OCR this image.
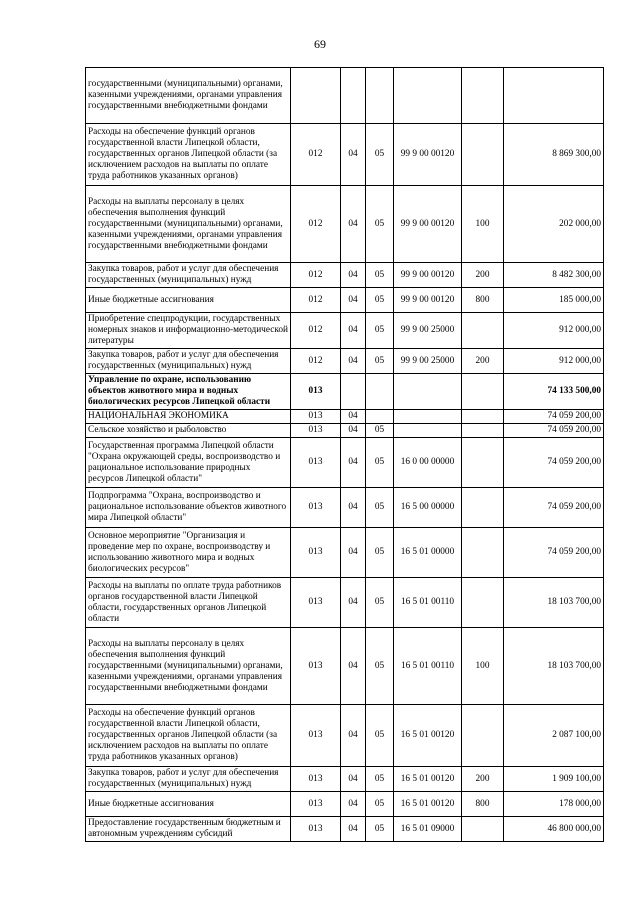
69
государственными (муниципальными) органами, казенными учреждениями, органами управления государственными внебюджетными фондами						
Расходы на обеспечение функций органов государственной власти Липецкой области, государственных органов Липецкой области (за исключением расходов на выплаты по оплате труда работников указанных органов)	012	04	05	99 9 00 00120		8 869 300,00
Расходы на выплаты персоналу в целях обеспечения выполнения функций государственными (муниципальными) органами, казенными учреждениями, органами управления государственными внебюджетными фондами	012	04	05	99 9 00 00120	100	202 000,00
Закупка товаров, работ и услуг для обеспечения государственных (муниципальных) нужд	012	04	05	99 9 00 00120	200	8 482 300,00
Иные бюджетные ассигнования	012	04	05	99 9 00 00120	800	185 000,00
Приобретение спецпродукции, государственных номерных знаков и информационно-методической литературы	012	04	05	99 9 00 25000		912 000,00
Закупка товаров, работ и услуг для обеспечения государственных (муниципальных) нужд	012	04	05	99 9 00 25000	200	912 000,00
Управление по охране, использованию объектов животного мира и водных биологических ресурсов Липецкой области	013					74 133 500,00
НАЦИОНАЛЬНАЯ ЭКОНОМИКА	013	04				74 059 200,00
Сельское хозяйство и рыболовство	013	04	05			74 059 200,00
Государственная программа Липецкой области "Охрана окружающей среды, воспроизводство и рациональное использование природных ресурсов Липецкой области"	013	04	05	16 0 00 00000		74 059 200,00
Подпрограмма "Охрана, воспроизводство и рациональное использование объектов животного мира Липецкой области"	013	04	05	16 5 00 00000		74 059 200,00
Основное мероприятие "Организация и проведение мер по охране, воспроизводству и использованию животного мира и водных биологических ресурсов"	013	04	05	16 5 01 00000		74 059 200,00
Расходы на выплаты по оплате труда работников органов государственной власти Липецкой области, государственных органов Липецкой области	013	04	05	16 5 01 00110		18 103 700,00
Расходы на выплаты персоналу в целях обеспечения выполнения функций государственными (муниципальными) органами, казенными учреждениями, органами управления государственными внебюджетными фондами	013	04	05	16 5 01 00110	100	18 103 700,00
Расходы на обеспечение функций органов государственной власти Липецкой области, государственных органов Липецкой области (за исключением расходов на выплаты по оплате труда работников указанных органов)	013	04	05	16 5 01 00120		2 087 100,00
Закупка товаров, работ и услуг для обеспечения государственных (муниципальных) нужд	013	04	05	16 5 01 00120	200	1 909 100,00
Иные бюджетные ассигнования	013	04	05	16 5 01 00120	800	178 000,00
Предоставление государственным бюджетным и автономным учреждениям субсидий	013	04	05	16 5 01 09000		46 800 000,00
